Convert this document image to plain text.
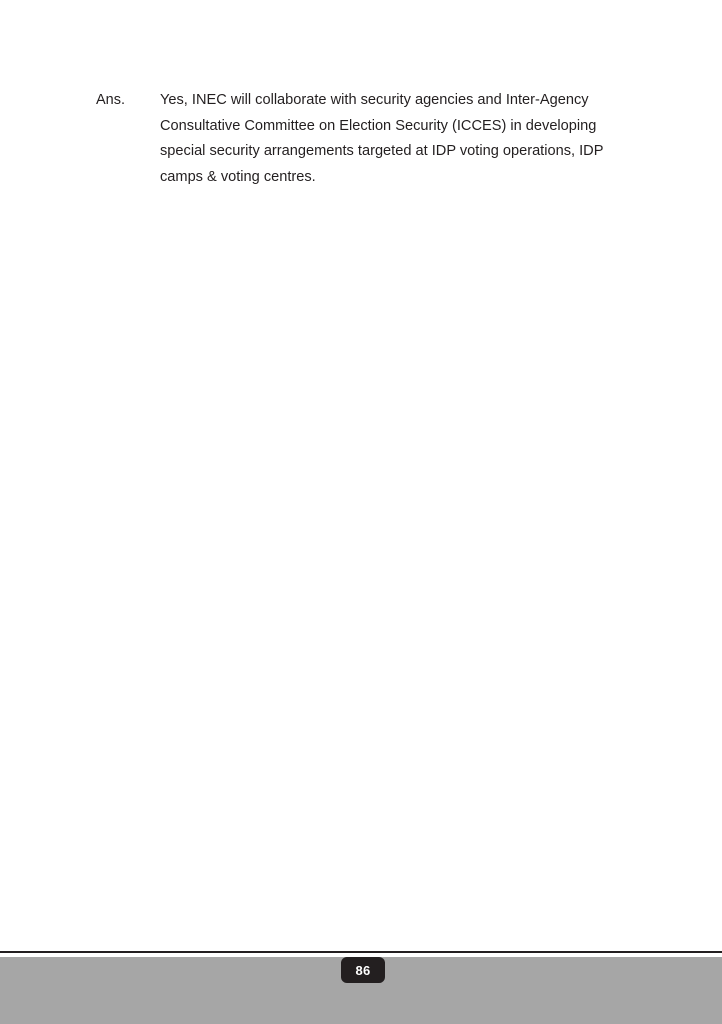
Ans.	Yes, INEC will collaborate with security agencies and Inter-Agency Consultative Committee on Election Security (ICCES) in developing special security arrangements targeted at IDP voting operations, IDP camps & voting centres.
86
